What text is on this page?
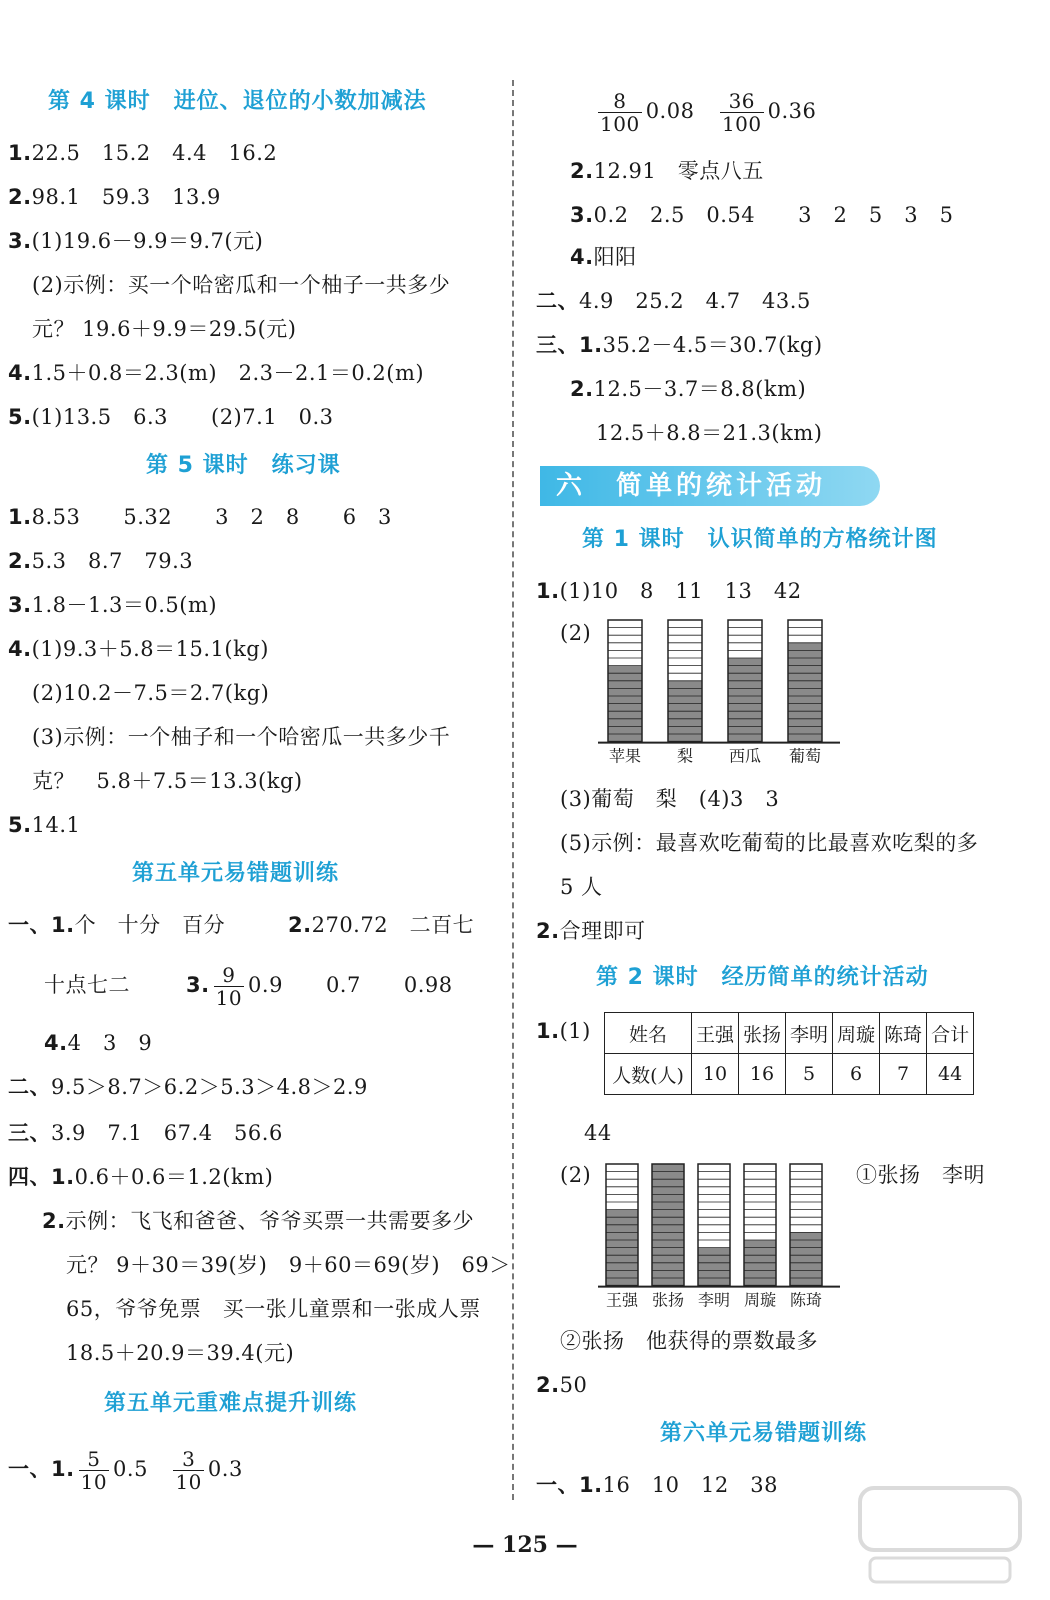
第 4 课时　进位、退位的小数加减法
1.22.5　15.2　4.4　16.2
2.98.1　59.3　13.9
3.(1)19.6－9.9＝9.7(元)
(2)示例：买一个哈密瓜和一个柚子一共多少
元？ 19.6＋9.9＝29.5(元)
4.1.5＋0.8＝2.3(m)　2.3－2.1＝0.2(m)
5.(1)13.5　6.3　　(2)7.1　0.3
第 5 课时　练习课
1.8.53　　5.32　　3　2　8　　6　3
2.5.3　8.7　79.3
3.1.8－1.3＝0.5(m)
4.(1)9.3＋5.8＝15.1(kg)
(2)10.2－7.5＝2.7(kg)
(3)示例：一个柚子和一个哈密瓜一共多少千
克？　5.8＋7.5＝13.3(kg)
5.14.1
第五单元易错题训练
一、1.个　十分　百分	2.270.72　二百七
十点七二	3. $\frac{9}{10} 0.9$　　0.7　　0.98
4.4　3　9
二、9.5＞8.7＞6.2＞5.3＞4.8＞2.9
三、3.9　7.1　67.4　56.6
四、1.0.6＋0.6＝1.2(km)
2.示例：飞飞和爸爸、爷爷买票一共需要多少
元？ 9＋30＝39(岁)　9＋60＝69(岁)　69＞
65，爷爷免票　买一张儿童票和一张成人票
18.5＋20.9＝39.4(元)
第五单元重难点提升训练
一、1. $\frac{5}{10} 0.5$　 $\frac{3}{10} 0.3$
$\frac{8}{100} 0.08$　 $\frac{36}{100} 0.36$
2.12.91　零点八五
3.0.2　2.5　0.54　　3　2　5　3　5
4.阳阳
二、4.9　25.2　4.7　43.5
三、1.35.2－4.5＝30.7(kg)
2.12.5－3.7＝8.8(km)
12.5＋8.8＝21.3(km)
六　简单的统计活动
第 1 课时　认识简单的方格统计图
1.(1)10　8　11　13　42
(2)
(3)葡萄　梨　(4)3　3
(5)示例：最喜欢吃葡萄的比最喜欢吃梨的多
5 人
2.合理即可
第 2 课时　经历简单的统计活动
1.(1)
44
(2)	①张扬　李明
②张扬　他获得的票数最多
2.50
第六单元易错题训练
一、1.16　10　12　38
姓名	王强	张扬	李明	周璇	陈琦	合计
人数(人)	10	16	5	6	7	44
苹果 梨 西瓜 葡萄
王强 张扬 李明 周璇 陈琦
— 125 —
